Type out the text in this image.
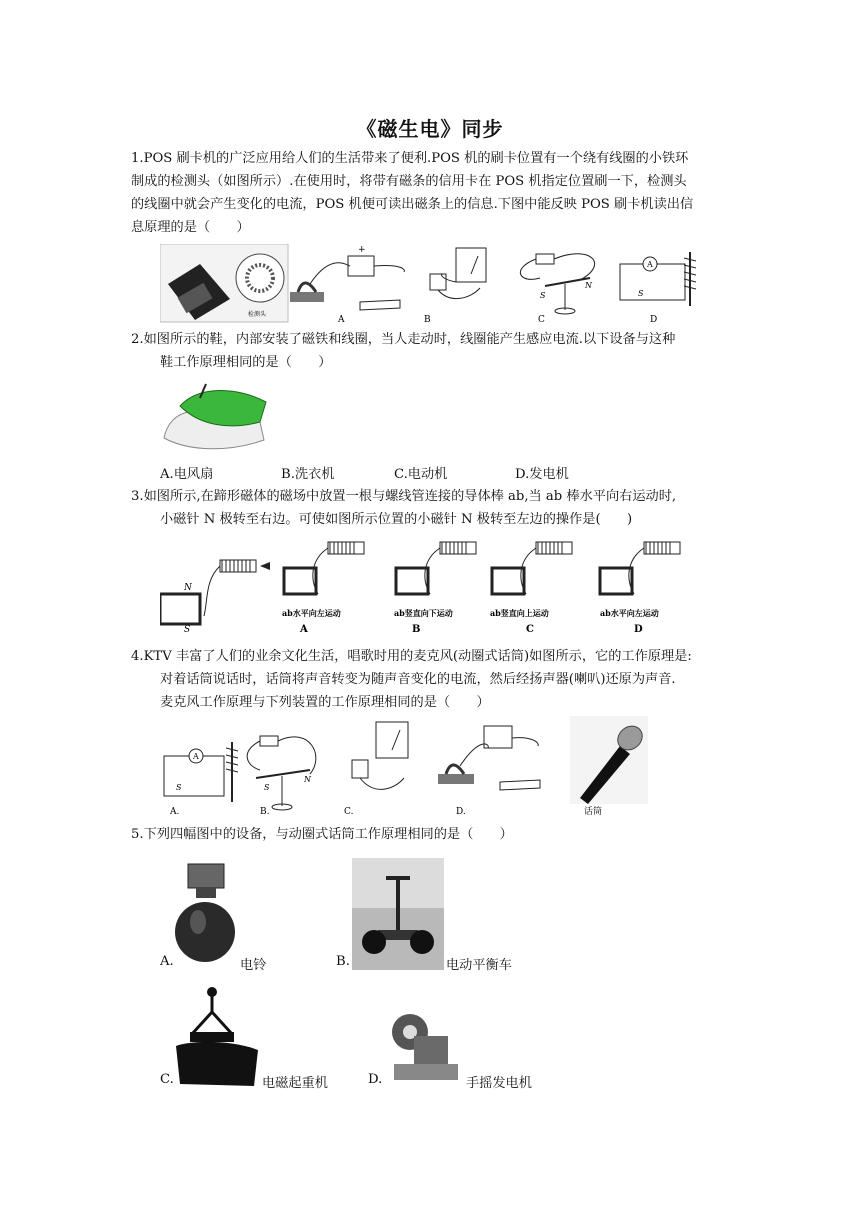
《磁生电》同步
1.POS 刷卡机的广泛应用给人们的生活带来了便利.POS 机的刷卡位置有一个绕有线圈的小铁环
制成的检测头（如图所示）.在使用时，将带有磁条的信用卡在 POS 机指定位置刷一下，检测头
的线圈中就会产生变化的电流，POS 机便可读出磁条上的信息.下图中能反映 POS 刷卡机读出信
息原理的是（　　）
检测头
+
A	B
S
N
C
A
S
D
2.如图所示的鞋，内部安装了磁铁和线圈，当人走动时，线圈能产生感应电流.以下设备与这种
鞋工作原理相同的是（　　）
A.电风扇	B.洗衣机	C.电动机	D.发电机
3.如图所示,在蹄形磁体的磁场中放置一根与螺线管连接的导体棒 ab,当 ab 棒水平向右运动时,
小磁针 N 极转至右边。可使如图所示位置的小磁针 N 极转至左边的操作是(　　)
N
S
ab水平向左运动
A
ab竖直向下运动
B
ab竖直向上运动
C
ab水平向左运动
D
4.KTV 丰富了人们的业余文化生活，唱歌时用的麦克风(动圈式话筒)如图所示，它的工作原理是:
对着话筒说话时，话筒将声音转变为随声音变化的电流，然后经扬声器(喇叭)还原为声音.
麦克风工作原理与下列装置的工作原理相同的是（　　）
A
S
A.
S
N
B.	C.	D.	话筒
5.下列四幅图中的设备，与动圈式话筒工作原理相同的是（　　）
A.	电铃	B.	电动平衡车
C.	电磁起重机	D.	手摇发电机
